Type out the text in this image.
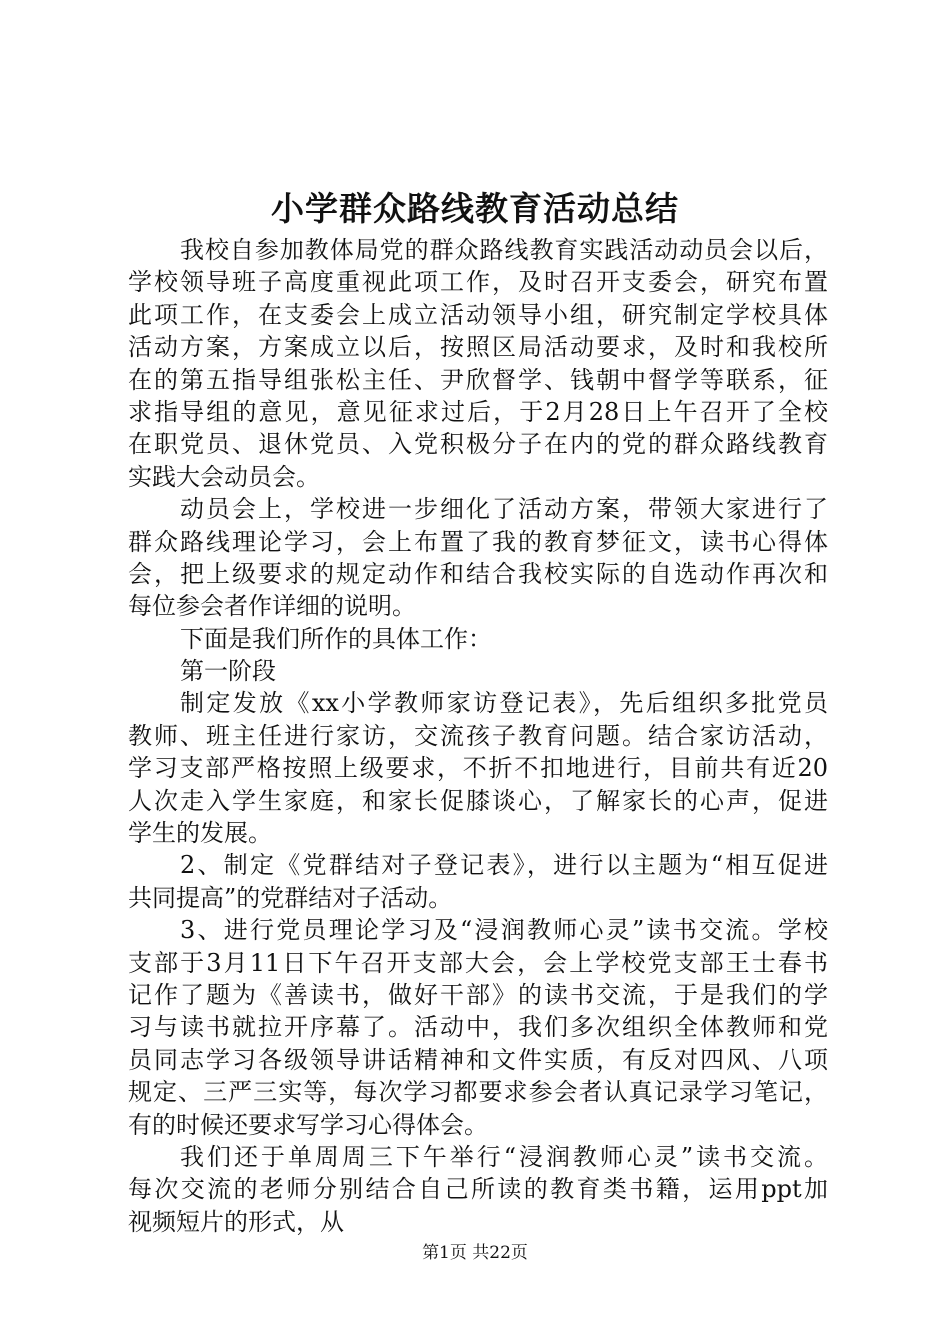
小学群众路线教育活动总结
我校自参加教体局党的群众路线教育实践活动动员会以后，
学校领导班子高度重视此项工作，及时召开支委会，研究布置
此项工作，在支委会上成立活动领导小组，研究制定学校具体
活动方案，方案成立以后，按照区局活动要求，及时和我校所
在的第五指导组张松主任、尹欣督学、钱朝中督学等联系，征
求指导组的意见，意见征求过后，于2月28日上午召开了全校
在职党员、退休党员、入党积极分子在内的党的群众路线教育
实践大会动员会。
动员会上，学校进一步细化了活动方案，带领大家进行了
群众路线理论学习，会上布置了我的教育梦征文，读书心得体
会，把上级要求的规定动作和结合我校实际的自选动作再次和
每位参会者作详细的说明。
下面是我们所作的具体工作：
第一阶段
制定发放《xx小学教师家访登记表》，先后组织多批党员
教师、班主任进行家访，交流孩子教育问题。结合家访活动，
学习支部严格按照上级要求，不折不扣地进行，目前共有近20
人次走入学生家庭，和家长促膝谈心，了解家长的心声，促进
学生的发展。
2、制定《党群结对子登记表》，进行以主题为“相互促进
共同提高”的党群结对子活动。
3、进行党员理论学习及“浸润教师心灵”读书交流。学校
支部于3月11日下午召开支部大会，会上学校党支部王士春书
记作了题为《善读书，做好干部》的读书交流，于是我们的学
习与读书就拉开序幕了。活动中，我们多次组织全体教师和党
员同志学习各级领导讲话精神和文件实质，有反对四风、八项
规定、三严三实等，每次学习都要求参会者认真记录学习笔记，
有的时候还要求写学习心得体会。
我们还于单周周三下午举行“浸润教师心灵”读书交流。
每次交流的老师分别结合自己所读的教育类书籍，运用ppt加
视频短片的形式，从
第1页 共22页
